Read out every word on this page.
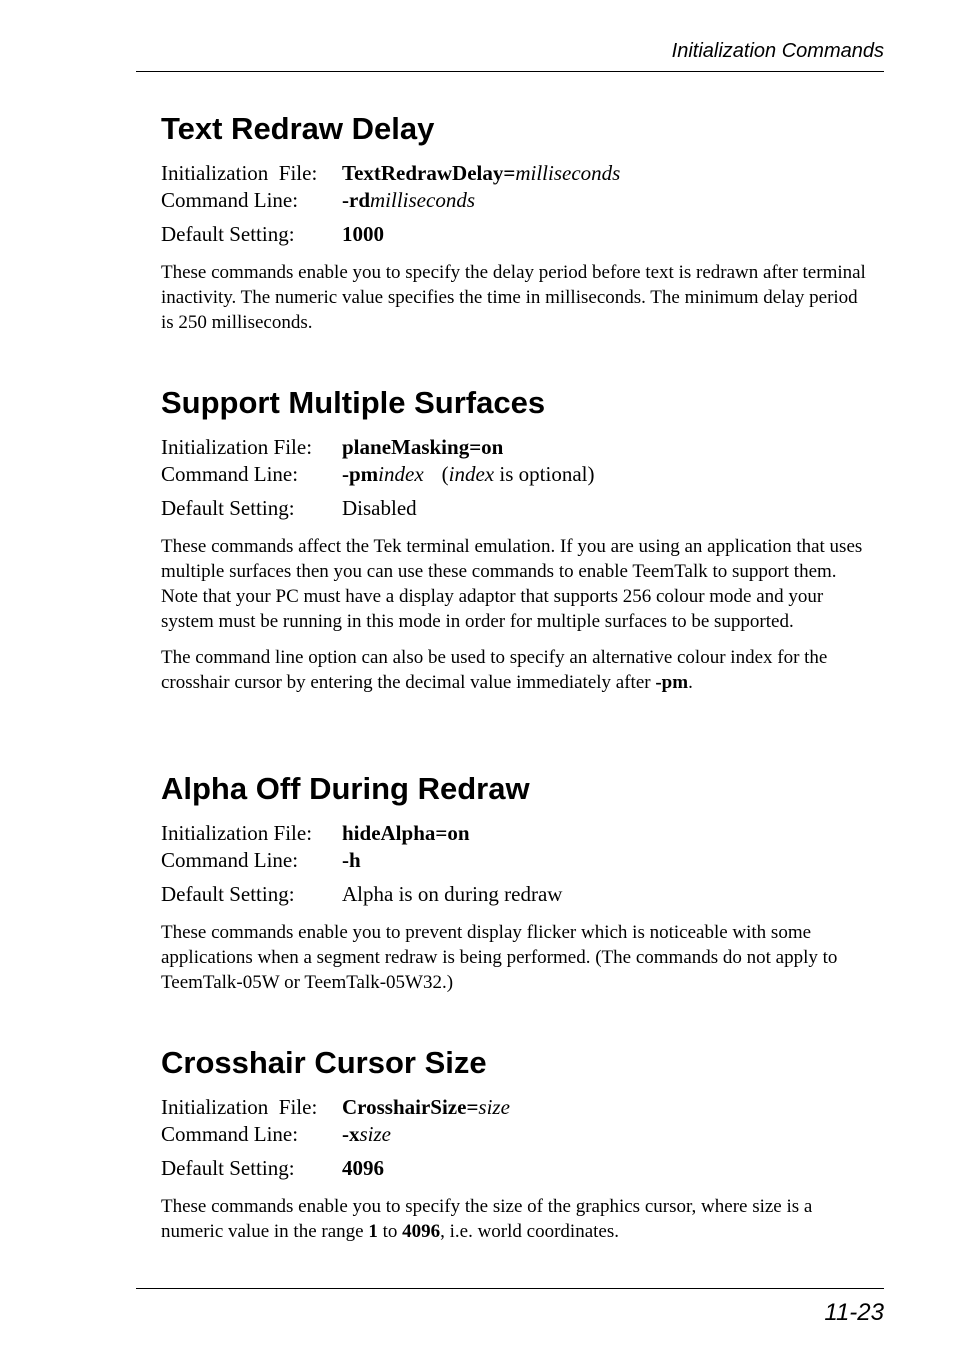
Initialization Commands
Text Redraw Delay
Initialization  File: TextRedrawDelay=milliseconds
Command Line: -rdmilliseconds
Default Setting: 1000

These commands enable you to specify the delay period before text is redrawn after terminal inactivity. The numeric value specifies the time in milliseconds. The minimum delay period is 250 milliseconds.

Support Multiple Surfaces
Initialization File: planeMasking=on
Command Line: -pmindex (index is optional)
Default Setting: Disabled

These commands affect the Tek terminal emulation. If you are using an application that uses multiple surfaces then you can use these commands to enable TeemTalk to support them. Note that your PC must have a display adaptor that supports 256 colour mode and your system must be running in this mode in order for multiple surfaces to be supported.

The command line option can also be used to specify an alternative colour index for the crosshair cursor by entering the decimal value immediately after -pm.

Alpha Off During Redraw
Initialization File: hideAlpha=on
Command Line: -h
Default Setting: Alpha is on during redraw

These commands enable you to prevent display flicker which is noticeable with some applications when a segment redraw is being performed. (The commands do not apply to TeemTalk-05W or TeemTalk-05W32.)

Crosshair Cursor Size
Initialization  File: CrosshairSize=size
Command Line: -xsize
Default Setting: 4096

These commands enable you to specify the size of the graphics cursor, where size is a numeric value in the range 1 to 4096, i.e. world coordinates.

11-23
